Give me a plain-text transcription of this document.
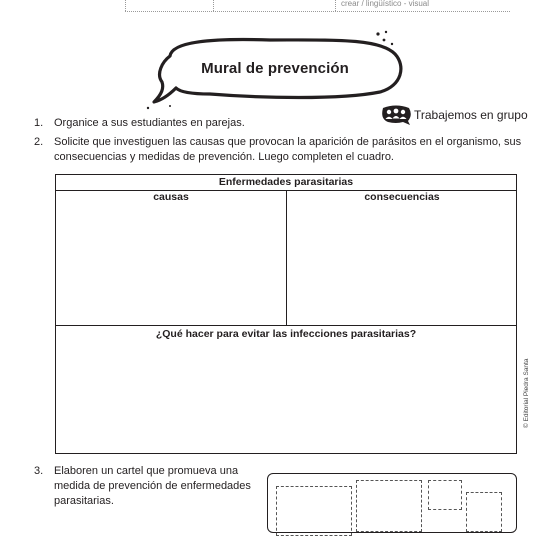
crear / lingüístico - visual
Mural de prevención
Trabajemos en grupo
1. Organice a sus estudiantes en parejas.
2. Solicite que investiguen las causas que provocan la aparición de parásitos en el organismo, sus consecuencias y medidas de prevención. Luego completen el cuadro.
Enfermedades parasitarias
causas	consecuencias
¿Qué hacer para evitar las infecciones parasitarias?
3. Elaboren un cartel que promueva una medida de prevención de enfermedades parasitarias.
© Editorial Piedra Santa
